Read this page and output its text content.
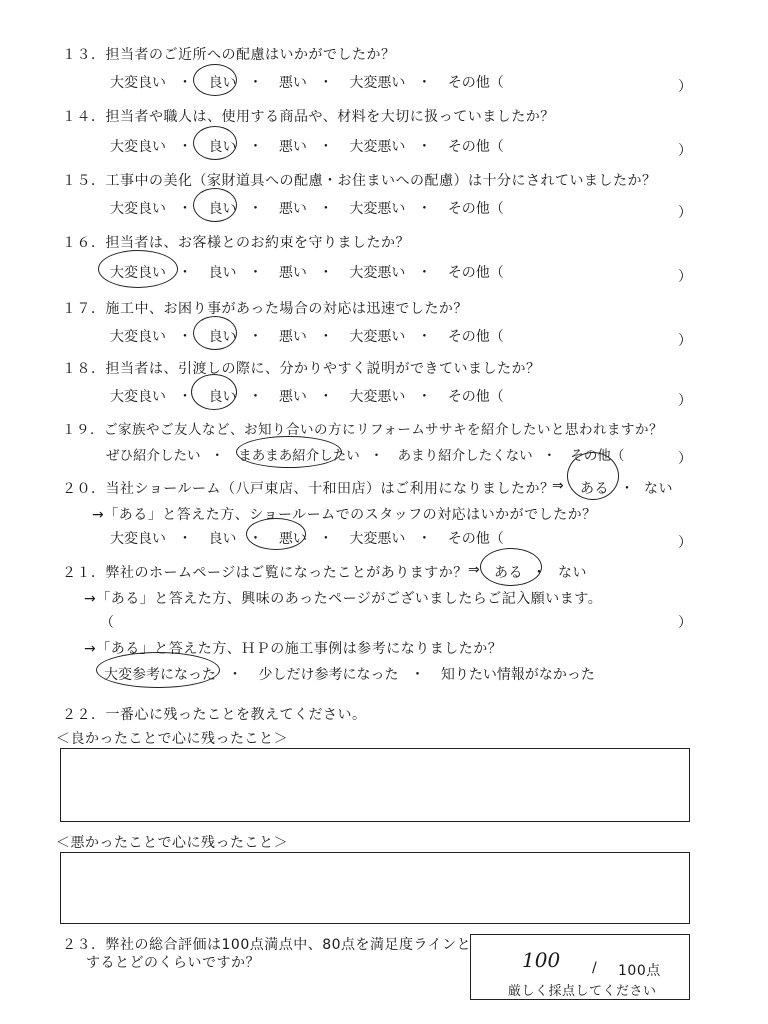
１３．担当者のご近所への配慮はいかがでしたか？
大変良い ・ 良い ・ 悪い ・ 大変悪い ・ その他（	）
１４．担当者や職人は、使用する商品や、材料を大切に扱っていましたか？
大変良い ・ 良い ・ 悪い ・ 大変悪い ・ その他（	）
１５．工事中の美化（家財道具への配慮・お住まいへの配慮）は十分にされていましたか？
大変良い ・ 良い ・ 悪い ・ 大変悪い ・ その他（	）
１６．担当者は、お客様とのお約束を守りましたか？
大変良い ・ 良い ・ 悪い ・ 大変悪い ・ その他（	）
１７．施工中、お困り事があった場合の対応は迅速でしたか？
大変良い ・ 良い ・ 悪い ・ 大変悪い ・ その他（	）
１８．担当者は、引渡しの際に、分かりやすく説明ができていましたか？
大変良い ・ 良い ・ 悪い ・ 大変悪い ・ その他（	）
１９．ご家族やご友人など、お知り合いの方にリフォームササキを紹介したいと思われますか？
ぜひ紹介したい ・ まあまあ紹介したい ・ あまり紹介したくない ・ その他（	）
２０．当社ショールーム（八戸東店、十和田店）はご利用になりましたか？
⇒ ある ・ ない
→「ある」と答えた方、ショールームでのスタッフの対応はいかがでしたか？
大変良い ・ 良い ・ 悪い ・ 大変悪い ・ その他（	）
２１．弊社のホームページはご覧になったことがありますか？ ⇒ ある ・ ない
→「ある」と答えた方、興味のあったページがございましたらご記入願います。
（	）
→「ある」と答えた方、ＨＰの施工事例は参考になりましたか？
大変参考になった ・ 少しだけ参考になった ・ 知りたい情報がなかった
２２．一番心に残ったことを教えてください。
＜良かったことで心に残ったこと＞
＜悪かったことで心に残ったこと＞
２３．弊社の総合評価は100点満点中、80点を満足度ラインと
するとどのくらいですか？	100 / 100点
厳しく採点してください
